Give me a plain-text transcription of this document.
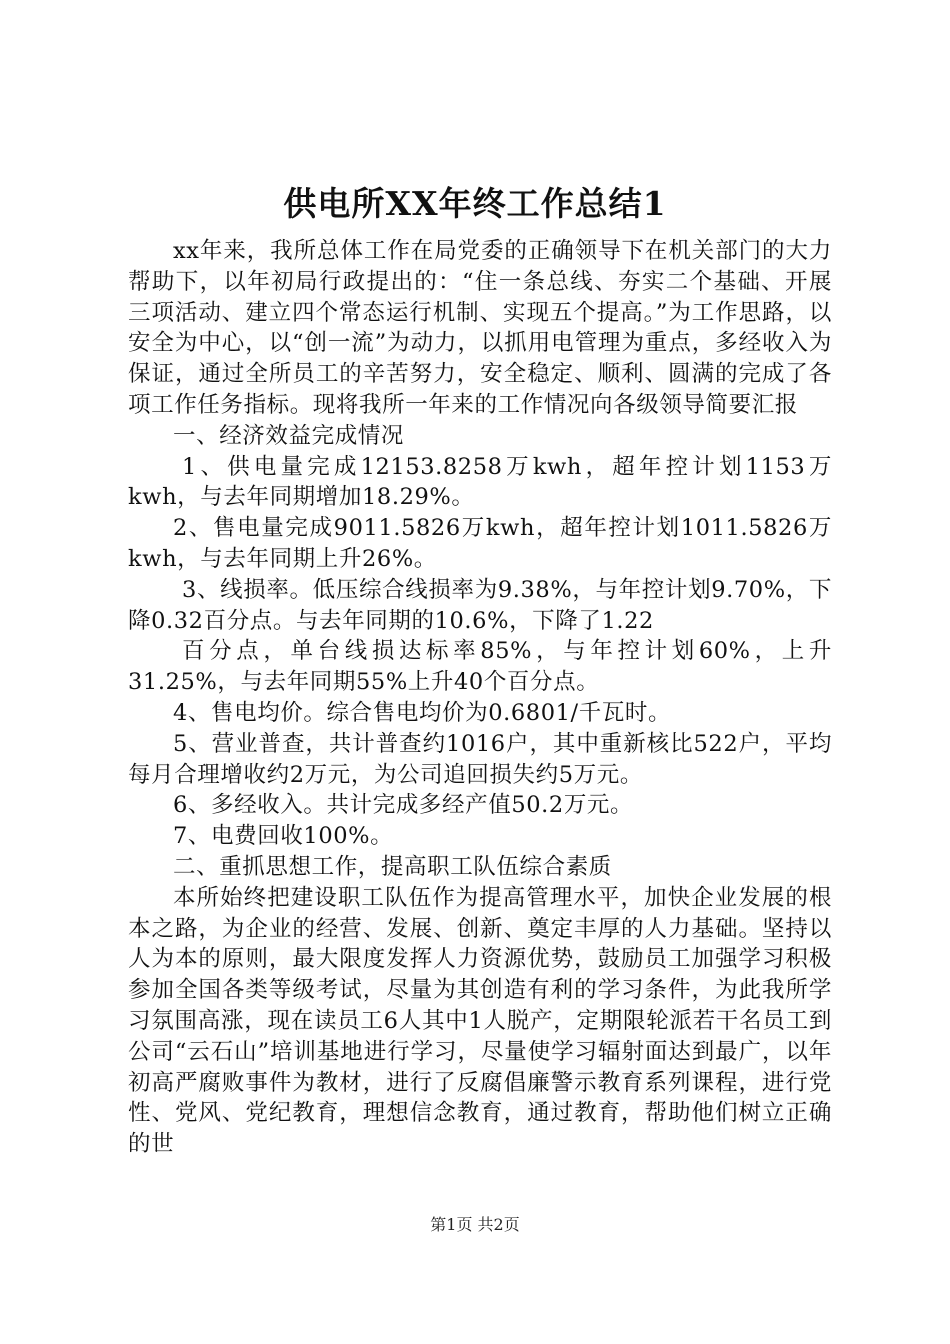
供电所XX年终工作总结1

xx年来，我所总体工作在局党委的正确领导下在机关部门的大力帮助下，以年初局行政提出的：“住一条总线、夯实二个基础、开展三项活动、建立四个常态运行机制、实现五个提高。”为工作思路，以安全为中心，以“创一流”为动力，以抓用电管理为重点，多经收入为保证，通过全所员工的辛苦努力，安全稳定、顺利、圆满的完成了各项工作任务指标。现将我所一年来的工作情况向各级领导简要汇报

一、经济效益完成情况

1、供电量完成12153.8258万kwh，超年控计划1153万kwh，与去年同期增加18.29%。

2、售电量完成9011.5826万kwh，超年控计划1011.5826万kwh，与去年同期上升26%。

3、线损率。低压综合线损率为9.38%，与年控计划9.70%，下降0.32百分点。与去年同期的10.6%，下降了1.22

百分点，单台线损达标率85%，与年控计划60%，上升31.25%，与去年同期55%上升40个百分点。

4、售电均价。综合售电均价为0.6801/千瓦时。

5、营业普查，共计普查约1016户，其中重新核比522户，平均每月合理增收约2万元，为公司追回损失约5万元。

6、多经收入。共计完成多经产值50.2万元。

7、电费回收100%。

二、重抓思想工作，提高职工队伍综合素质

本所始终把建设职工队伍作为提高管理水平，加快企业发展的根本之路，为企业的经营、发展、创新、奠定丰厚的人力基础。坚持以人为本的原则，最大限度发挥人力资源优势，鼓励员工加强学习积极参加全国各类等级考试，尽量为其创造有利的学习条件，为此我所学习氛围高涨，现在读员工6人其中1人脱产，定期限轮派若干名员工到公司“云石山”培训基地进行学习，尽量使学习辐射面达到最广，以年初高严腐败事件为教材，进行了反腐倡廉警示教育系列课程，进行党性、党风、党纪教育，理想信念教育，通过教育，帮助他们树立正确的世

第1页 共2页
